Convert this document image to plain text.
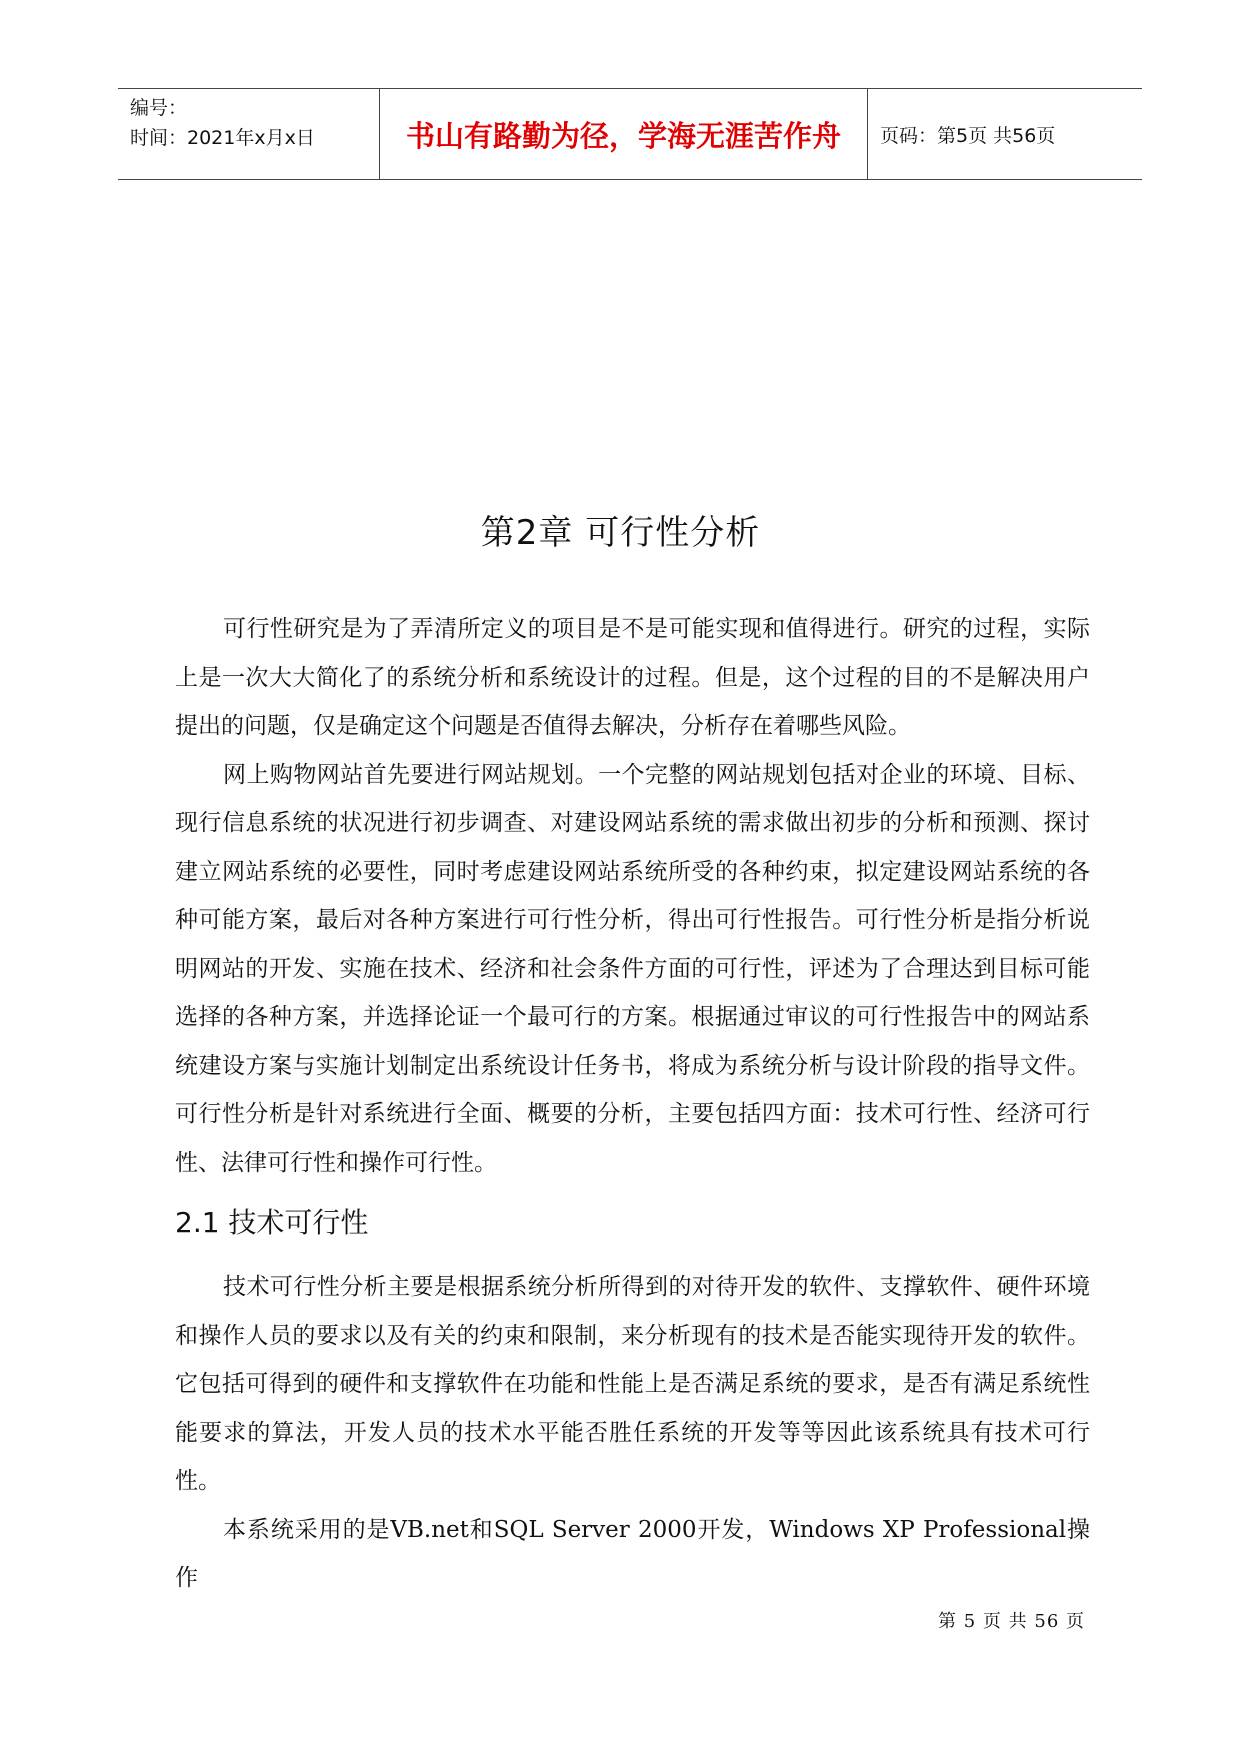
编号：
时间：2021年x月x日	书山有路勤为径，学海无涯苦作舟	页码：第5页 共56页
第2章 可行性分析

可行性研究是为了弄清所定义的项目是不是可能实现和值得进行。研究的过程，实际上是一次大大简化了的系统分析和系统设计的过程。但是，这个过程的目的不是解决用户提出的问题，仅是确定这个问题是否值得去解决，分析存在着哪些风险。

网上购物网站首先要进行网站规划。一个完整的网站规划包括对企业的环境、目标、现行信息系统的状况进行初步调查、对建设网站系统的需求做出初步的分析和预测、探讨建立网站系统的必要性，同时考虑建设网站系统所受的各种约束，拟定建设网站系统的各种可能方案，最后对各种方案进行可行性分析，得出可行性报告。可行性分析是指分析说明网站的开发、实施在技术、经济和社会条件方面的可行性，评述为了合理达到目标可能选择的各种方案，并选择论证一个最可行的方案。根据通过审议的可行性报告中的网站系统建设方案与实施计划制定出系统设计任务书，将成为系统分析与设计阶段的指导文件。可行性分析是针对系统进行全面、概要的分析，主要包括四方面：技术可行性、经济可行性、法律可行性和操作可行性。

2.1 技术可行性

技术可行性分析主要是根据系统分析所得到的对待开发的软件、支撑软件、硬件环境和操作人员的要求以及有关的约束和限制，来分析现有的技术是否能实现待开发的软件。它包括可得到的硬件和支撑软件在功能和性能上是否满足系统的要求，是否有满足系统性能要求的算法，开发人员的技术水平能否胜任系统的开发等等因此该系统具有技术可行性。

本系统采用的是VB.net和SQL Server 2000开发，Windows XP Professional操作

第 5 页 共 56 页
